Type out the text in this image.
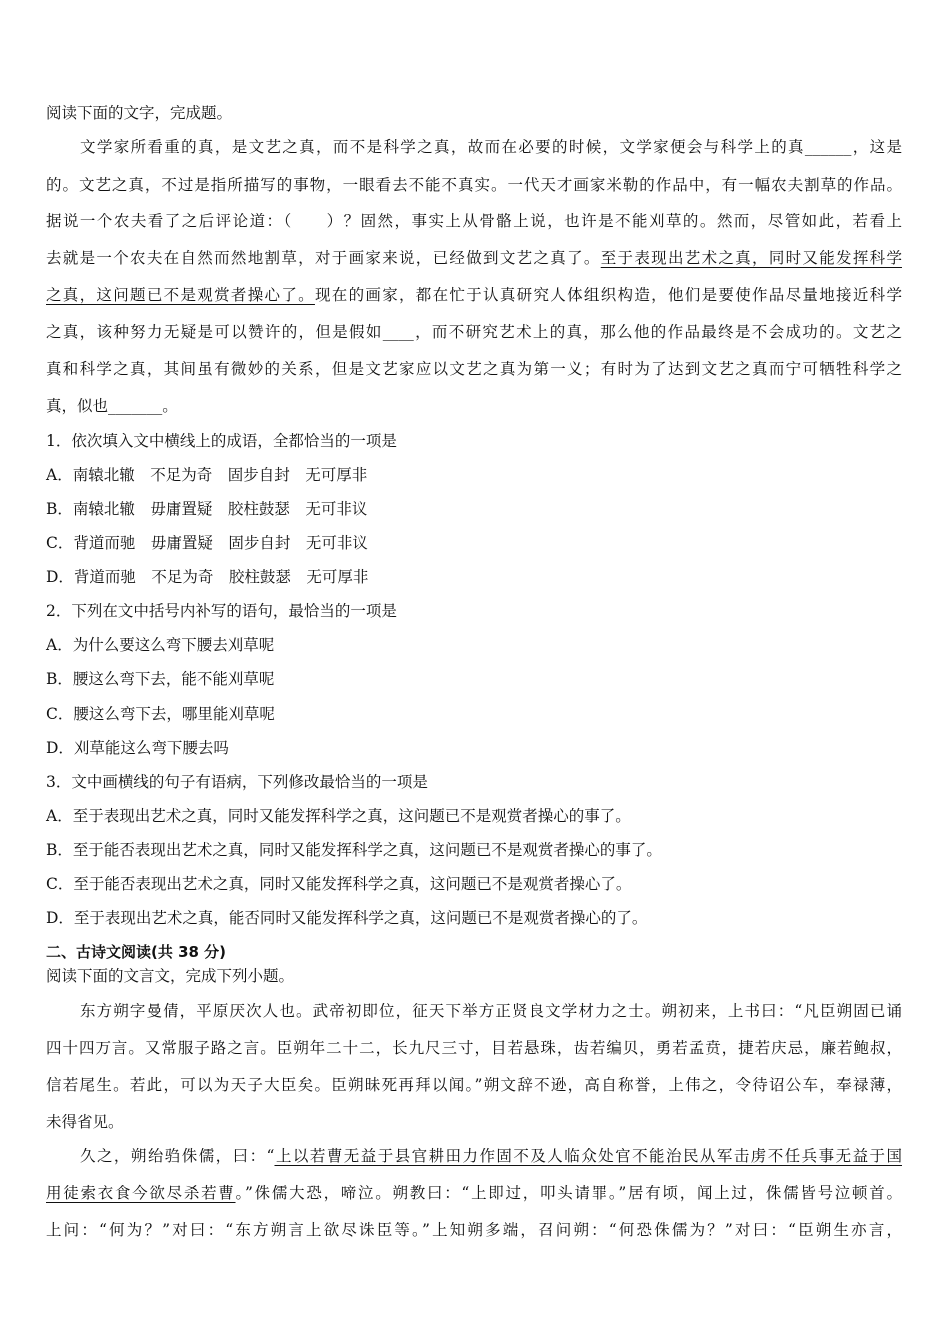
阅读下面的文字，完成题。
文学家所看重的真，是文艺之真，而不是科学之真，故而在必要的时候，文学家便会与科学上的真______，这是
的。文艺之真，不过是指所描写的事物，一眼看去不能不真实。一代天才画家米勒的作品中，有一幅农夫割草的作品。
据说一个农夫看了之后评论道：（　　）？固然，事实上从骨骼上说，也许是不能刈草的。然而，尽管如此，若看上
去就是一个农夫在自然而然地割草，对于画家来说，已经做到文艺之真了。至于表现出艺术之真，同时又能发挥科学
之真，这问题已不是观赏者操心了。现在的画家，都在忙于认真研究人体组织构造，他们是要使作品尽量地接近科学
之真，该种努力无疑是可以赞许的，但是假如____，而不研究艺术上的真，那么他的作品最终是不会成功的。文艺之
真和科学之真，其间虽有微妙的关系，但是文艺家应以文艺之真为第一义；有时为了达到文艺之真而宁可牺牲科学之
真，似也_______。
1．依次填入文中横线上的成语，全都恰当的一项是
A．南辕北辙　不足为奇　固步自封　无可厚非
B．南辕北辙　毋庸置疑　胶柱鼓瑟　无可非议
C．背道而驰　毋庸置疑　固步自封　无可非议
D．背道而驰　不足为奇　胶柱鼓瑟　无可厚非
2．下列在文中括号内补写的语句，最恰当的一项是
A．为什么要这么弯下腰去刈草呢
B．腰这么弯下去，能不能刈草呢
C．腰这么弯下去，哪里能刈草呢
D．刈草能这么弯下腰去吗
3．文中画横线的句子有语病，下列修改最恰当的一项是
A．至于表现出艺术之真，同时又能发挥科学之真，这问题已不是观赏者操心的事了。
B．至于能否表现出艺术之真，同时又能发挥科学之真，这问题已不是观赏者操心的事了。
C．至于能否表现出艺术之真，同时又能发挥科学之真，这问题已不是观赏者操心了。
D．至于表现出艺术之真，能否同时又能发挥科学之真，这问题已不是观赏者操心的了。
二、古诗文阅读(共 38 分)
阅读下面的文言文，完成下列小题。
东方朔字曼倩，平原厌次人也。武帝初即位，征天下举方正贤良文学材力之士。朔初来，上书曰：“凡臣朔固已诵
四十四万言。又常服子路之言。臣朔年二十二，长九尺三寸，目若悬珠，齿若编贝，勇若孟贲，捷若庆忌，廉若鲍叔，
信若尾生。若此，可以为天子大臣矣。臣朔昧死再拜以闻。”朔文辞不逊，高自称誉，上伟之，令待诏公车，奉禄薄，
未得省见。
久之，朔绐驺侏儒，曰：“上以若曹无益于县官耕田力作固不及人临众处官不能治民从军击虏不任兵事无益于国
用徒索衣食今欲尽杀若曹。”侏儒大恐，啼泣。朔教曰：“上即过，叩头请罪。”居有顷，闻上过，侏儒皆号泣顿首。
上问：“何为？”对曰：“东方朔言上欲尽诛臣等。”上知朔多端，召问朔：“何恐侏儒为？”对曰：“臣朔生亦言，
